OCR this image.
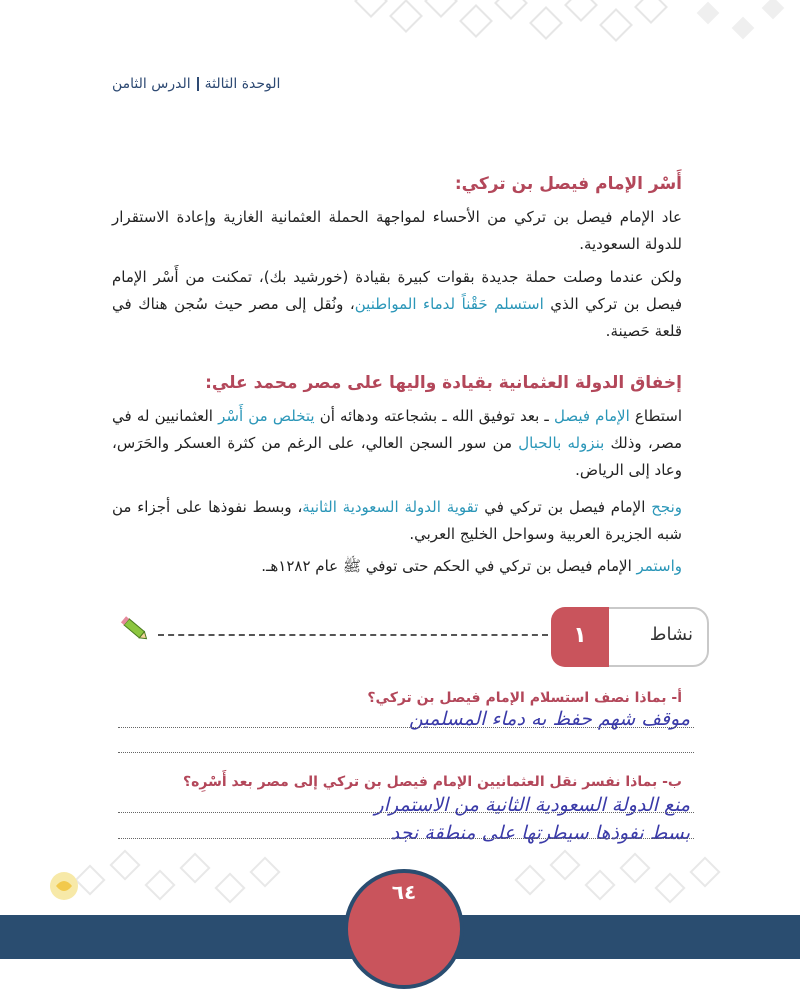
الوحدة الثالثةالدرس الثامن
أَسْر الإمام فيصل بن تركي:
عاد الإمام فيصل بن تركي من الأحساء لمواجهة الحملة العثمانية الغازية وإعادة الاستقرار للدولة السعودية.
ولكن عندما وصلت حملة جديدة بقوات كبيرة بقيادة (خورشيد بك)، تمكنت من أَسْر الإمام فيصل بن تركي الذي استسلم حَقْناً لدماء المواطنين، ونُقل إلى مصر حيث سُجن هناك في قلعة حَصينة.
إخفاق الدولة العثمانية بقيادة واليها على مصر محمد علي:
استطاع الإمام فيصل ـ بعد توفيق الله ـ بشجاعته ودهائه أن يتخلص من أَسْر العثمانيين له في مصر، وذلك بنزوله بالحبال من سور السجن العالي، على الرغم من كثرة العسكر والحَرَس، وعاد إلى الرياض.
ونجح الإمام فيصل بن تركي في تقوية الدولة السعودية الثانية، وبسط نفوذها على أجزاء من شبه الجزيرة العربية وسواحل الخليج العربي.
واستمر الإمام فيصل بن تركي في الحكم حتى توفي ﷺ عام ١٢٨٢هـ.
نشاط
١
أ- بماذا نصف استسلام الإمام فيصل بن تركي؟
موقف شهم حفظ به دماء المسلمين
ب- بماذا نفسر نقل العثمانيين الإمام فيصل بن تركي إلى مصر بعد أَسْرِه؟
منع الدولة السعودية الثانية من الاستمرار
بسط نفوذها سيطرتها على منطقة نجد
٦٤
